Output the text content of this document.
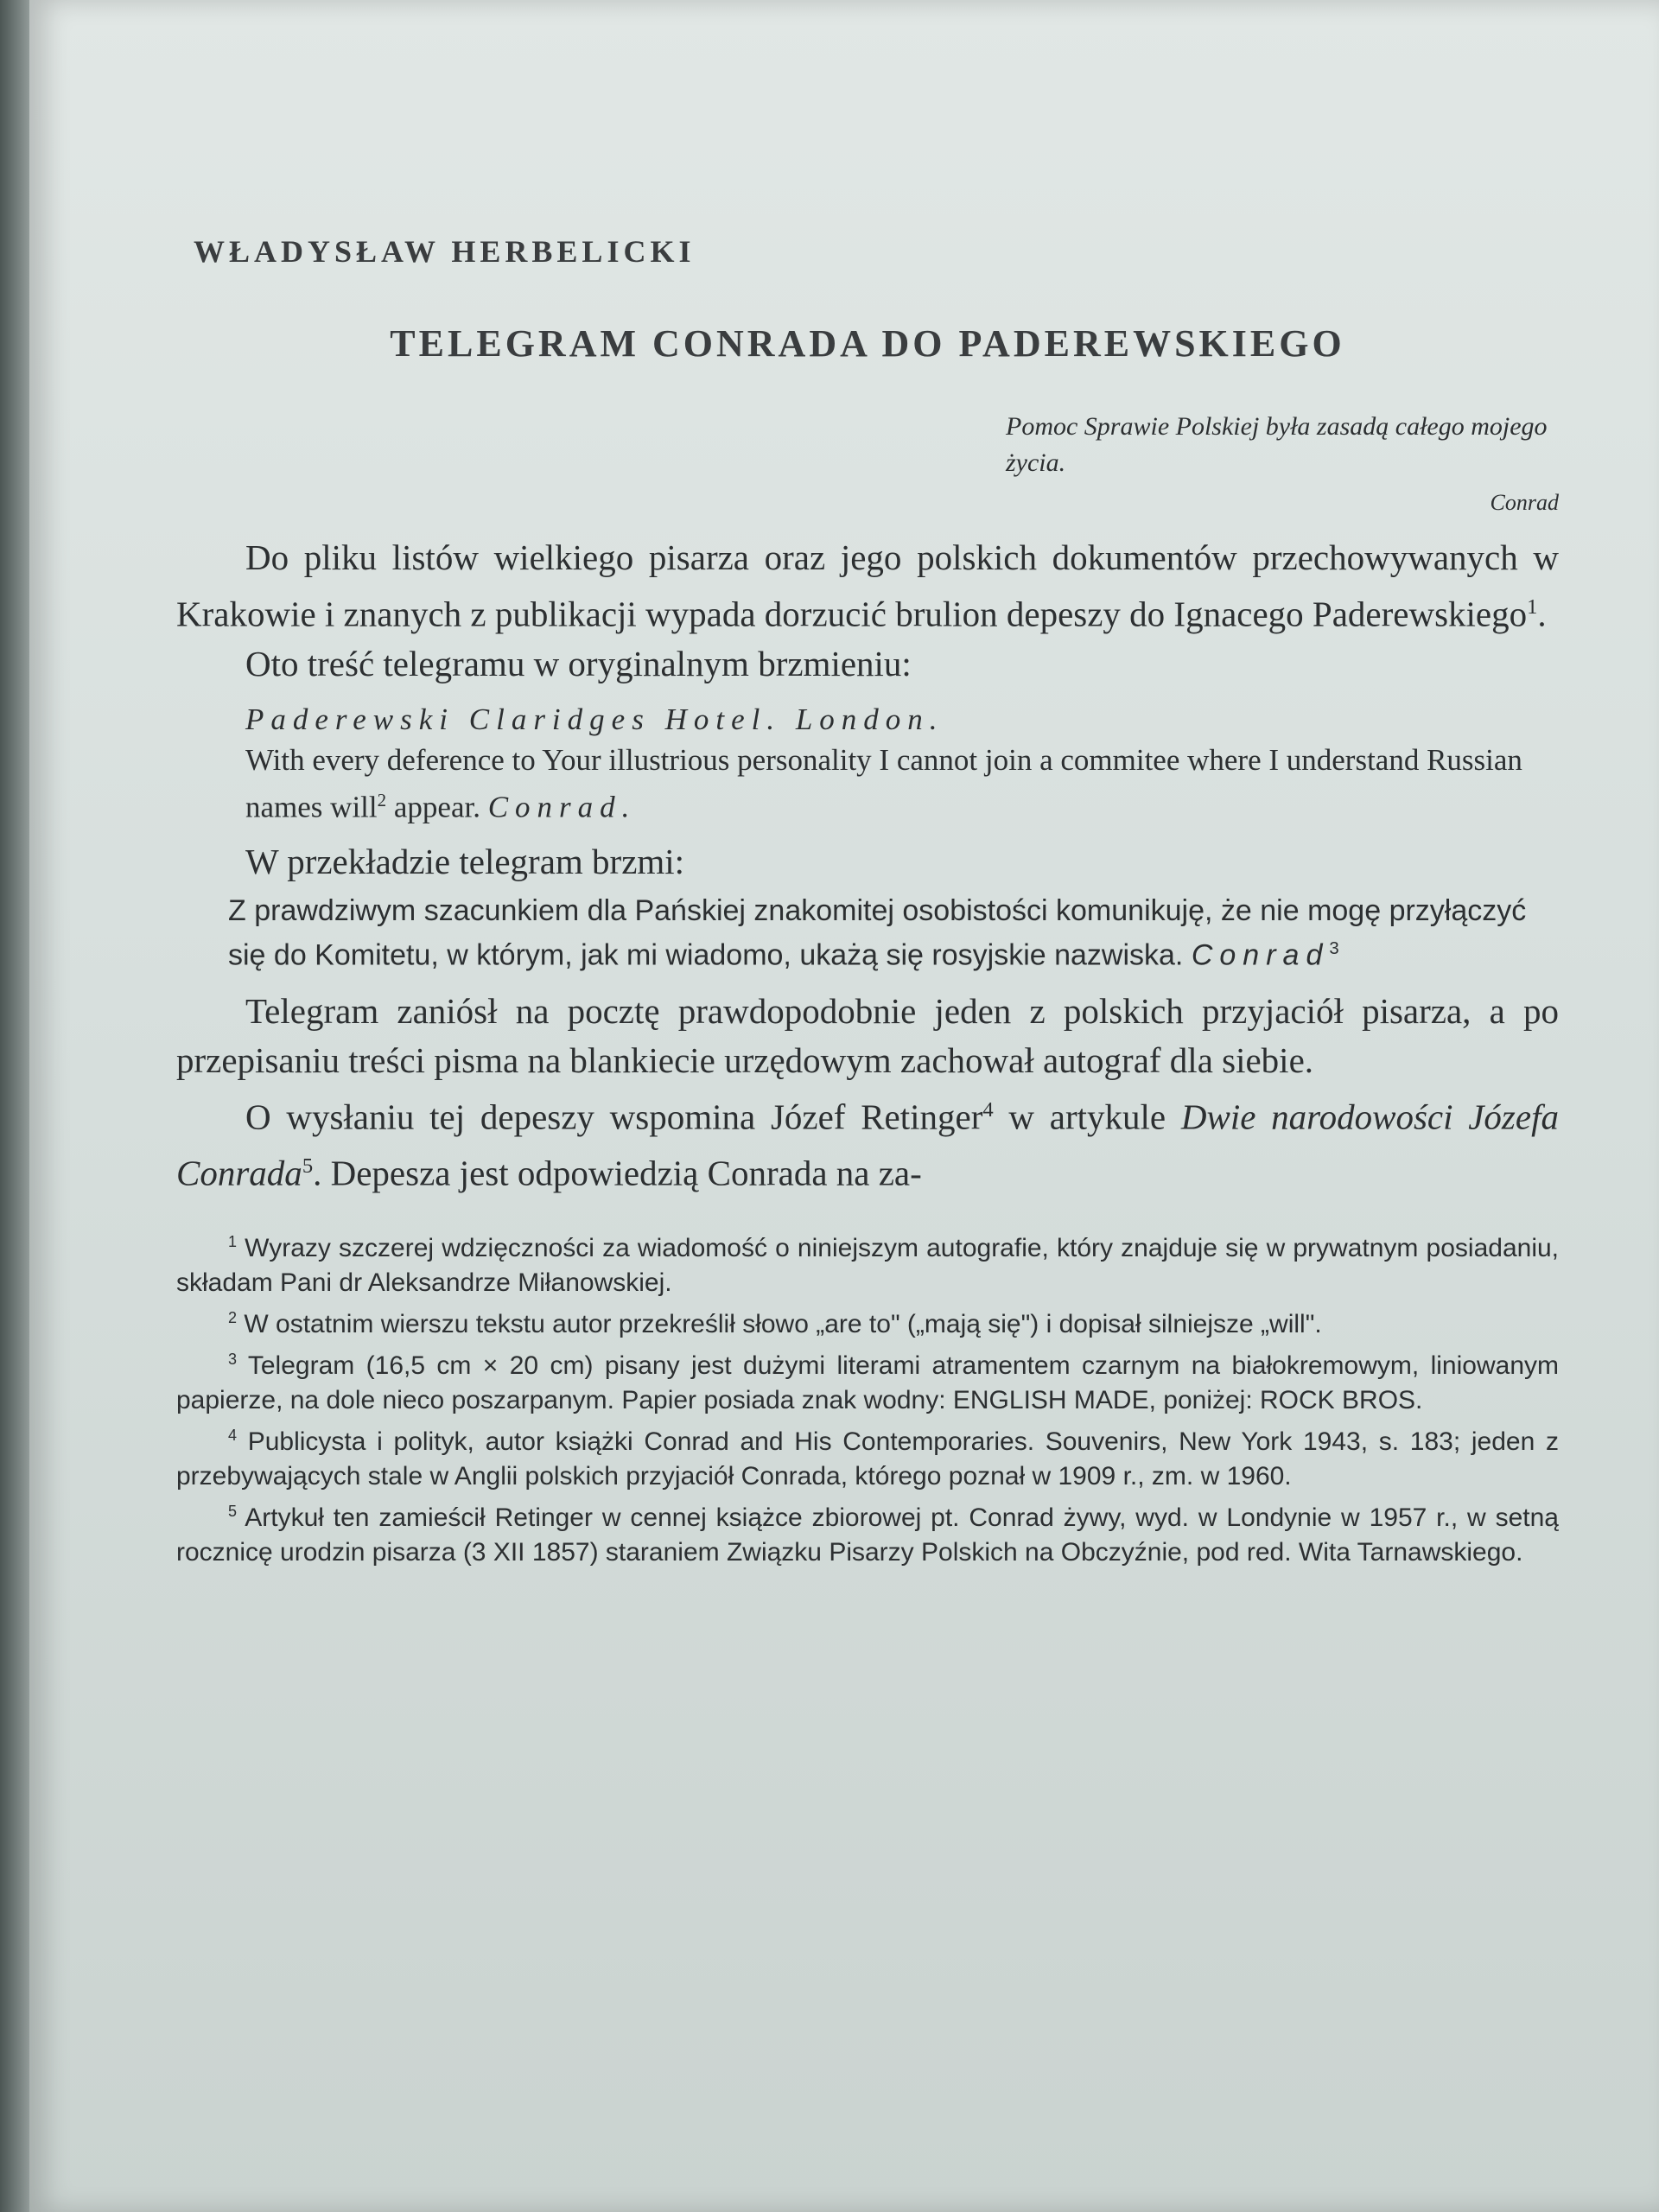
WŁADYSŁAW HERBELICKI
TELEGRAM CONRADA DO PADEREWSKIEGO
Pomoc Sprawie Polskiej była zasadą całego mojego życia.
Conrad

Do pliku listów wielkiego pisarza oraz jego polskich dokumentów przechowywanych w Krakowie i znanych z publikacji wypada dorzucić brulion depeszy do Ignacego Paderewskiego$^1$.

Oto treść telegramu w oryginalnym brzmieniu:

Paderewski Claridges Hotel. London.
With every deference to Your illustrious personality I cannot join a commitee where I understand Russian names will$^2$ appear. Conrad.

W przekładzie telegram brzmi:

Z prawdziwym szacunkiem dla Pańskiej znakomitej osobistości komunikuję, że nie mogę przyłączyć się do Komitetu, w którym, jak mi wiadomo, ukażą się rosyjskie nazwiska. Conrad$^3$

Telegram zaniósł na pocztę prawdopodobnie jeden z polskich przyjaciół pisarza, a po przepisaniu treści pisma na blankiecie urzędowym zachował autograf dla siebie.

O wysłaniu tej depeszy wspomina Józef Retinger$^4$ w artykule Dwie narodowości Józefa Conrada$^5$. Depesza jest odpowiedzią Conrada na za-

$^1$ Wyrazy szczerej wdzięczności za wiadomość o niniejszym autografie, który znajduje się w prywatnym posiadaniu, składam Pani dr Aleksandrze Miłanowskiej.

$^2$ W ostatnim wierszu tekstu autor przekreślił słowo „are to" („mają się") i dopisał silniejsze „will".

$^3$ Telegram (16,5 cm × 20 cm) pisany jest dużymi literami atramentem czarnym na białokremowym, liniowanym papierze, na dole nieco poszarpanym. Papier posiada znak wodny: ENGLISH MADE, poniżej: ROCK BROS.

$^4$ Publicysta i polityk, autor książki Conrad and His Contemporaries. Souvenirs, New York 1943, s. 183; jeden z przebywających stale w Anglii polskich przyjaciół Conrada, którego poznał w 1909 r., zm. w 1960.

$^5$ Artykuł ten zamieścił Retinger w cennej książce zbiorowej pt. Conrad żywy, wyd. w Londynie w 1957 r., w setną rocznicę urodzin pisarza (3 XII 1857) staraniem Związku Pisarzy Polskich na Obczyźnie, pod red. Wita Tarnawskiego.
